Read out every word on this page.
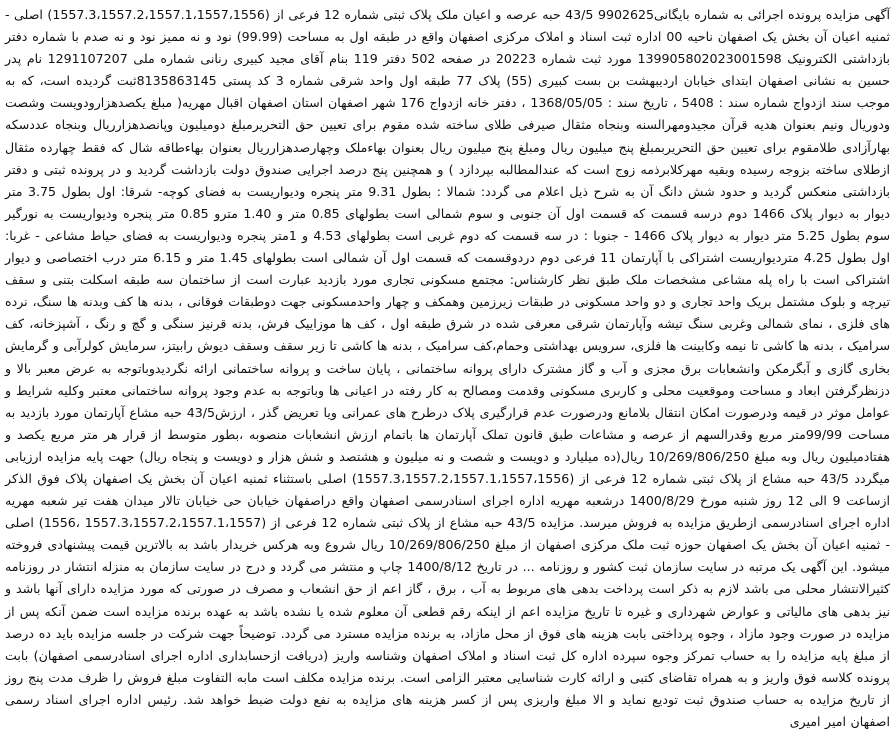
آگهی مزایده پرونده اجرائی به شماره بایگانی9902625 43/5 حبه عرصه و اعیان ملک پلاک ثبتی شماره 12 فرعی از (1557.3،1557.2،1557.1،1557،1556) اصلی - ثمنیه اعیان آن بخش یک اصفهان ناحیه 00 اداره ثبت اسناد و املاک مرکزی اصفهان واقع در طبقه اول به مساحت (99.99) نود و نه ممیز نود و نه صدم با شماره دفتر بازداشتی الکترونیک 139905802023001598 مورد ثبت شماره 20223 در صفحه 502 دفتر 119 بنام آقای مجید کبیری رنانی شماره ملی 1291107207 نام پدر حسین به نشانی اصفهان ابتدای خیابان اردیبهشت بن بست کبیری (55) پلاک 77 طبقه اول واحد شرقی شماره 3 کد پستی 8135863145ثبت گردیده است، که به موجب سند ازدواج شماره سند : 5408 ، تاریخ سند : 1368/05/05 ، دفتر خانه ازدواج 176 شهر اصفهان استان اصفهان اقبال مهریه( مبلغ یکصدهزارودویست وشصت ودوریال ونیم بعنوان هدیه قرآن مجیدومهرالسنه وبنجاه مثقال صیرفی طلای ساخته شده مقوم برای تعیین حق التحریرمبلغ دومیلیون وپانصدهزارریال وبنجاه عددسکه بهارآزادی طلامقوم برای تعیین حق التحریربمبلغ پنج میلیون ریال ومبلغ پنج میلیون ریال بعنوان بهاءملک وچهارصدهزارریال بعنوان بهاءطاقه شال که فقط چهارده مثقال ازطلای ساخته بزوجه رسیده وبقیه مهرکلابرذمه زوج است که عندالمطالبه بپردازد ) و همچنین پنج درصد اجرایی صندوق دولت بازداشت گردید و در پرونده ثبتی و دفتر بازداشتی منعکس گردید و حدود شش دانگ آن به شرح ذیل اعلام می گردد: شمالا : بطول 9.31 متر پنجره ودیواریست به فضای کوچه- شرقا: اول بطول 3.75 متر دیوار به دیوار پلاک 1466 دوم درسه قسمت که قسمت اول آن جنوبی و سوم شمالی است بطولهای 0.85 متر و 1.40 مترو 0.85 متر پنجره ودیواریست به نورگیر سوم بطول 5.25 متر دیوار به دیوار پلاک 1466 - جنوبا : در سه قسمت که دوم غربی است بطولهای 4.53 و 1متر پنجره ودیواریست به فضای حیاط مشاعی - غربا: اول بطول 4.25 متردیواریست اشتراکی با آپارتمان 11 فرعی دوم دردوقسمت که قسمت اول آن شمالی است بطولهای 1.45 متر و 6.15 متر درب اختصاصی و دیوار اشتراکی است با راه پله مشاعی مشخصات ملک طبق نظر کارشناس: مجتمع مسکونی تجاری مورد بازدید عبارت است از ساختمان سه طبقه اسکلت بتنی و سقف تیرچه و بلوک مشتمل بریک واحد تجاری و دو واحد مسکونی در طبقات زیرزمین وهمکف و چهار واحدمسکونی جهت دوطبقات فوقانی ، بدنه ها کف وبدنه ها سنگ، نرده های فلزی ، نمای شمالی وغربی سنگ تیشه وآپارتمان شرقی معرفی شده در شرق طبقه اول ، کف ها موزاییک فرش، بدنه قرنیز سنگی و گچ و رنگ ، آشپزخانه، کف سرامیک ، بدنه ها کاشی تا نیمه وکابینت ها فلزی، سرویس بهداشتی وحمام،کف سرامیک ، بدنه ها کاشی تا زیر سقف وسقف دیوش رابیتز، سرمایش کولرآبی و گرمایش بخاری گازی و آبگرمکن وانشعابات برق مجزی و آب و گاز مشترک دارای پروانه ساختمانی ، پایان ساخت و پروانه ساختمانی ارائه نگردیدوباتوجه به عرض معبر بالا و دزنظرگرفتن ابعاد و مساحت وموقعیت محلی و کاربری مسکونی وقدمت ومصالح به کار رفته در اعیانی ها وباتوجه به عدم وجود پروانه ساختمانی معتبر وکلیه شرایط و عوامل موثر در قیمه ودرصورت امکان انتقال بلامانع ودرصورت عدم قرارگیری پلاک درطرح های عمرانی ویا تعریض گذر ، ارزش43/5 حبه مشاع آپارتمان مورد بازدید به مساحت 99/99متر مربع وقدرالسهم از عرصه و مشاعات طبق قانون تملک آپارتمان ها باتمام ارزش انشعابات منصوبه ،بطور متوسط از قرار هر متر مربع یکصد و هفتادمیلیون ریال وبه مبلغ 10/269/806/250 ریال(ده میلیارد و دویست و شصت و نه میلیون و هشتصد و شش هزار و دویست و پنجاه ریال) جهت پایه مزایده ارزیابی میگردد 43/5 حبه مشاع از پلاک ثبتی شماره 12 فرعی از (1557.3،1557.2،1557.1،1557،1556) اصلی باستثناء ثمنیه اعیان آن بخش یک اصفهان پلاک فوق الذکر ازساعت 9 الی 12 روز شنبه مورخ 1400/8/29 درشعبه مهریه اداره اجرای اسنادرسمی اصفهان واقع دراصفهان خیابان حی خیابان تالار میدان هفت تیر شعبه مهریه اداره اجرای اسنادرسمی ازطریق مزایده به فروش میرسد. مزایده 43/5 حبه مشاع از پلاک ثبتی شماره 12 فرعی از (1557.3،1557.2،1557.1،1557 ،1556) اصلی - ثمنیه اعیان آن بخش یک اصفهان حوزه ثبت ملک مرکزی اصفهان از مبلغ 10/269/806/250 ریال شروع وبه هرکس خریدار باشد به بالاترین قیمت پیشنهادی فروخته میشود. این آگهی یک مرتبه در سایت سازمان ثبت کشور و روزنامه ... در تاریخ 1400/8/12 چاپ و منتشر می گردد و درج در سایت سازمان به منزله انتشار در روزنامه کثیرالانتشار محلی می باشد لازم به ذکر است پرداخت بدهی های مربوط به آب ، برق ، گاز اعم از حق انشعاب و مصرف در صورتی که مورد مزایده دارای آنها باشد و نیز بدهی های مالیاتی و عوارض شهرداری و غیره تا تاریخ مزایده اعم از اینکه رقم قطعی آن معلوم شده یا نشده باشد به عهده برنده مزایده است ضمن آنکه پس از مزایده در صورت وجود مازاد ، وجوه پرداختی بابت هزینه های فوق از محل مازاد، به برنده مزایده مسترد می گردد. توضیحاً جهت شرکت در جلسه مزایده باید ده درصد از مبلغ پایه مزایده را به حساب تمرکز وجوه سپرده اداره کل ثبت اسناد و املاک اصفهان وشناسه واریز (دریافت ازحسابداری اداره اجرای اسنادرسمی اصفهان) بابت پرونده کلاسه فوق واریز و به همراه تقاضای کتبی و ارائه کارت شناسایی معتبر الزامی است. برنده مزایده مکلف است مابه التفاوت مبلغ فروش را ظرف مدت پنج روز از تاریخ مزایده به حساب صندوق ثبت تودیع نماید و الا مبلغ واریزی پس از کسر هزینه های مزایده به نفع دولت ضبط خواهد شد. رئیس اداره اجرای اسناد رسمی اصفهان امیر امیری
